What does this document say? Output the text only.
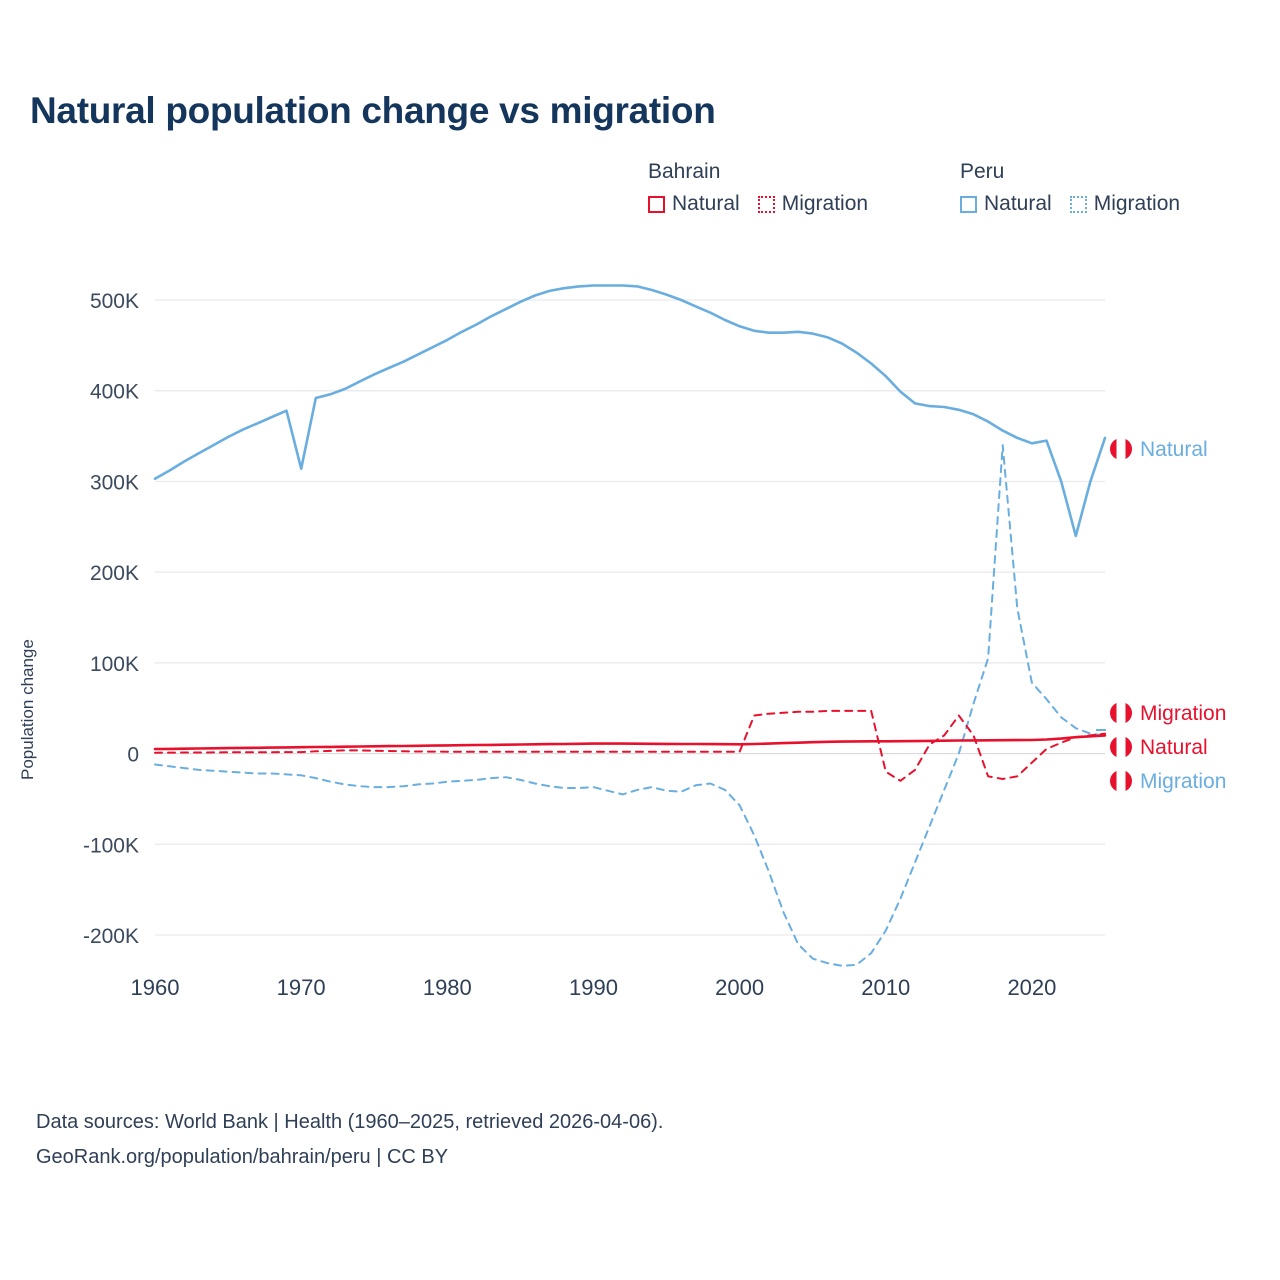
Natural population change vs migration
Bahrain
Natural Migration
Peru
Natural Migration
Population change
-200K
-100K
0
100K
200K
300K
400K
500K
1960	1970	1980	1990	2000	2010	2020
Natural
Migration
Natural
Migration
Data sources: World Bank | Health (1960–2025, retrieved 2026-04-06).
GeoRank.org/population/bahrain/peru | CC BY
